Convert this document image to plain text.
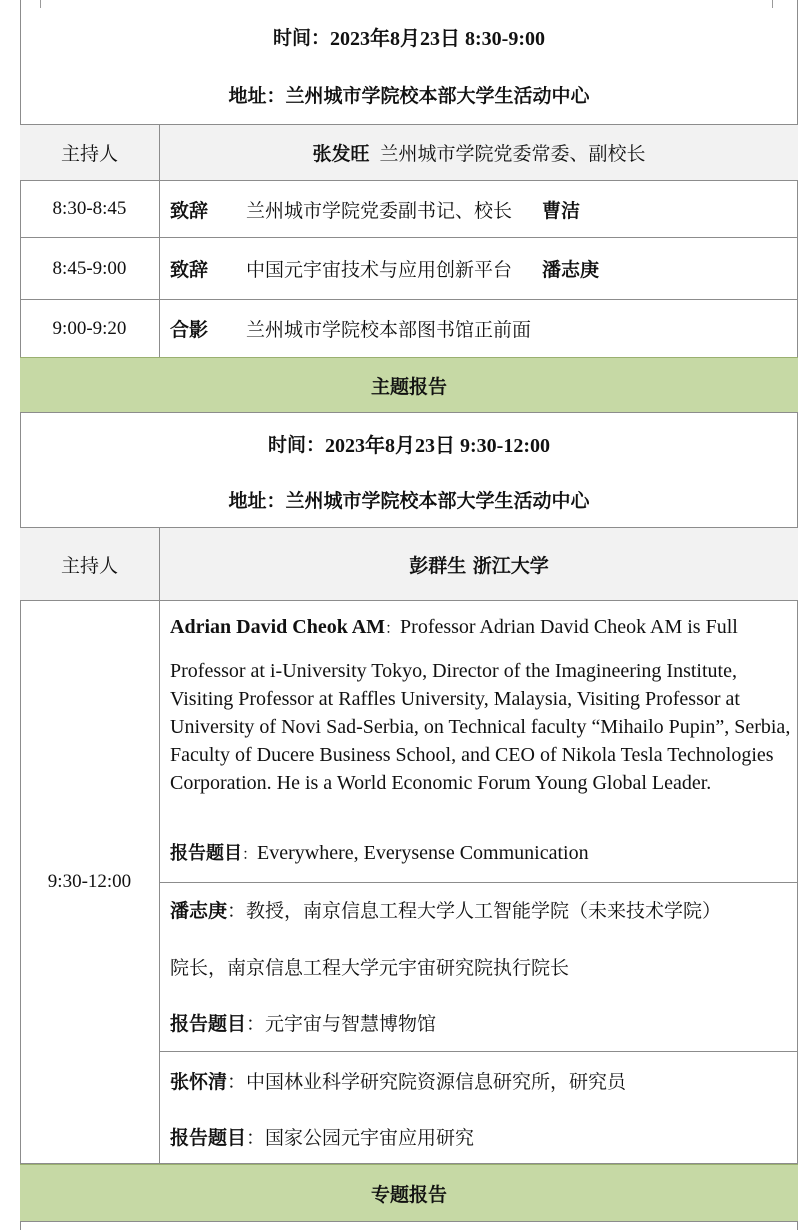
时间： 2023年8月23日 8:30-9:00
地址： 兰州城市学院校本部大学生活动中心
主持人	张发旺 兰州城市学院党委常委、副校长
8:30-8:45	致辞	兰州城市学院党委副书记、校长 曹洁
8:45-9:00	致辞	中国元宇宙技术与应用创新平台 潘志庚
9:00-9:20	合影	兰州城市学院校本部图书馆正前面
主题报告
时间： 2023年8月23日 9:30-12:00
地址： 兰州城市学院校本部大学生活动中心
主持人	彭群生 浙江大学
9:30-12:00
Adrian David Cheok AM：Professor Adrian David Cheok AM is Full
Professor at i-University Tokyo, Director of the Imagineering Institute, Visiting Professor at Raffles University, Malaysia, Visiting Professor at University of Novi Sad-Serbia, on Technical faculty “Mihailo Pupin”, Serbia, Faculty of Ducere Business School, and CEO of Nikola Tesla Technologies Corporation. He is a World Economic Forum Young Global Leader.
报告题目：Everywhere, Everysense Communication
潘志庚：教授，南京信息工程大学人工智能学院（未来技术学院）
院长，南京信息工程大学元宇宙研究院执行院长
报告题目：元宇宙与智慧博物馆
张怀清：中国林业科学研究院资源信息研究所，研究员
报告题目：国家公园元宇宙应用研究
专题报告
